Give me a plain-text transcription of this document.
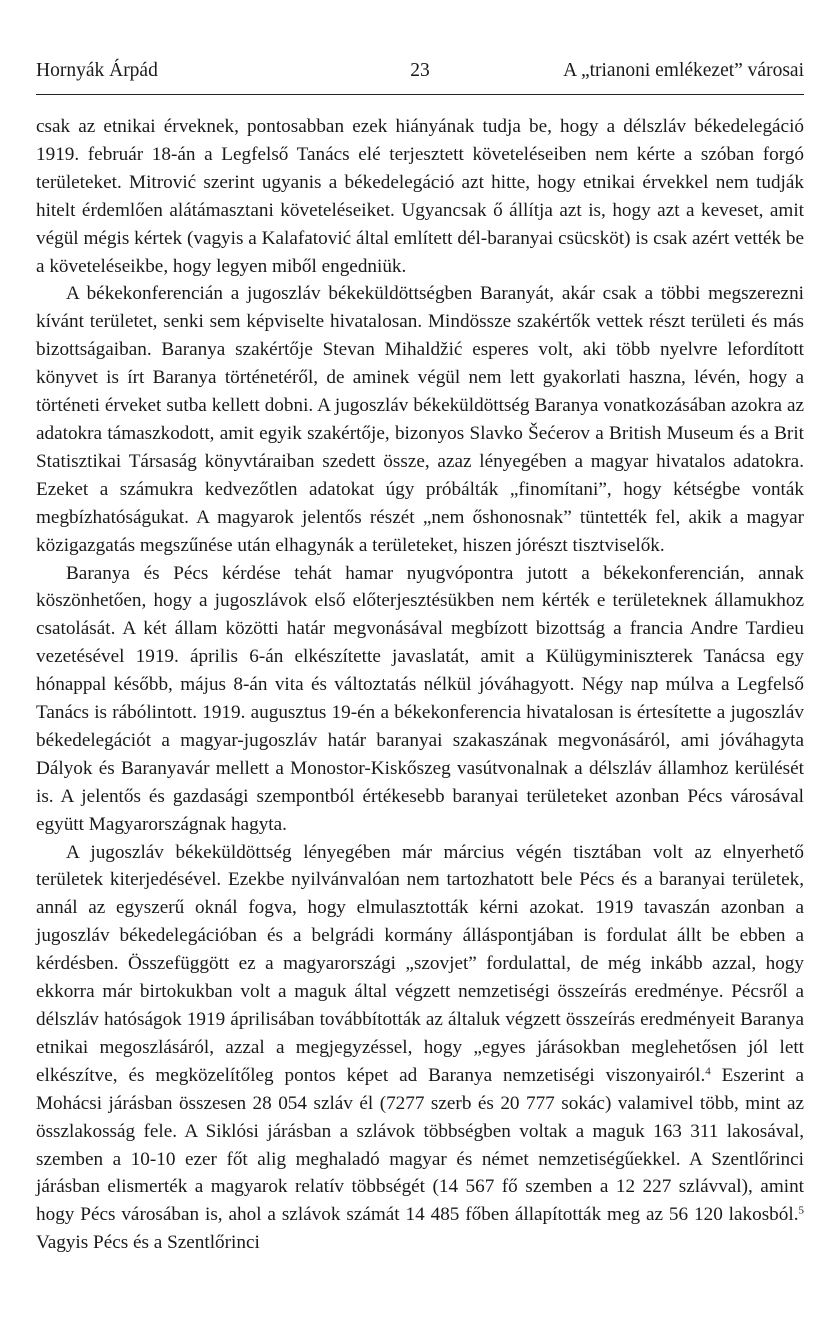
Hornyák Árpád	23	A „trianoni emlékezet” városai

csak az etnikai érveknek, pontosabban ezek hiányának tudja be, hogy a délszláv békedelegáció 1919. február 18-án a Legfelső Tanács elé terjesztett követeléseiben nem kérte a szóban forgó területeket. Mitrović szerint ugyanis a békedelegáció azt hitte, hogy etnikai érvekkel nem tudják hitelt érdemlően alátámasztani követeléseiket. Ugyancsak ő állítja azt is, hogy azt a keveset, amit végül mégis kértek (vagyis a Kalafatović által említett dél-baranyai csücsköt) is csak azért vették be a követeléseikbe, hogy legyen miből engedniük.

A békekonferencián a jugoszláv békeküldöttségben Baranyát, akár csak a többi megszerezni kívánt területet, senki sem képviselte hivatalosan. Mindössze szakértők vettek részt területi és más bizottságaiban. Baranya szakértője Stevan Mihaldžić esperes volt, aki több nyelvre lefordított könyvet is írt Baranya történetéről, de aminek végül nem lett gyakorlati haszna, lévén, hogy a történeti érveket sutba kellett dobni. A jugoszláv békeküldöttség Baranya vonatkozásában azokra az adatokra támaszkodott, amit egyik szakértője, bizonyos Slavko Šećerov a British Museum és a Brit Statisztikai Társaság könyvtáraiban szedett össze, azaz lényegében a magyar hivatalos adatokra. Ezeket a számukra kedvezőtlen adatokat úgy próbálták „finomítani”, hogy kétségbe vonták megbízhatóságukat. A magyarok jelentős részét „nem őshonosnak” tüntették fel, akik a magyar közigazgatás megszűnése után elhagynák a területeket, hiszen jórészt tisztviselők.

Baranya és Pécs kérdése tehát hamar nyugvópontra jutott a békekonferencián, annak köszönhetően, hogy a jugoszlávok első előterjesztésükben nem kérték e területeknek államukhoz csatolását. A két állam közötti határ megvonásával megbízott bizottság a francia Andre Tardieu vezetésével 1919. április 6-án elkészítette javaslatát, amit a Külügyminiszterek Tanácsa egy hónappal később, május 8-án vita és változtatás nélkül jóváhagyott. Négy nap múlva a Legfelső Tanács is rábólintott. 1919. augusztus 19-én a békekonferencia hivatalosan is értesítette a jugoszláv békedelegációt a magyar-jugoszláv határ baranyai szakaszának megvonásáról, ami jóváhagyta Dályok és Baranyavár mellett a Monostor-Kiskőszeg vasútvonalnak a délszláv államhoz kerülését is. A jelentős és gazdasági szempontból értékesebb baranyai területeket azonban Pécs városával együtt Magyarországnak hagyta.

A jugoszláv békeküldöttség lényegében már március végén tisztában volt az elnyerhető területek kiterjedésével. Ezekbe nyilvánvalóan nem tartozhatott bele Pécs és a baranyai területek, annál az egyszerű oknál fogva, hogy elmulasztották kérni azokat. 1919 tavaszán azonban a jugoszláv békedelegációban és a belgrádi kormány álláspontjában is fordulat állt be ebben a kérdésben. Összefüggött ez a magyarországi „szovjet” fordulattal, de még inkább azzal, hogy ekkorra már birtokukban volt a maguk által végzett nemzetiségi összeírás eredménye. Pécsről a délszláv hatóságok 1919 áprilisában továbbították az általuk végzett összeírás eredményeit Baranya etnikai megoszlásáról, azzal a megjegyzéssel, hogy „egyes járásokban meglehetősen jól lett elkészítve, és megközelítőleg pontos képet ad Baranya nemzetiségi viszonyairól.$^4$ Eszerint a Mohácsi járásban összesen 28 054 szláv él (7277 szerb és 20 777 sokác) valamivel több, mint az összlakosság fele. A Siklósi járásban a szlávok többségben voltak a maguk 163 311 lakosával, szemben a 10-10 ezer főt alig meghaladó magyar és német nemzetiségűekkel. A Szentlőrinci járásban elismerték a magyarok relatív többségét (14 567 fő szemben a 12 227 szlávval), amint hogy Pécs városában is, ahol a szlávok számát 14 485 főben állapították meg az 56 120 lakosból.$^5$ Vagyis Pécs és a Szentlőrinci
